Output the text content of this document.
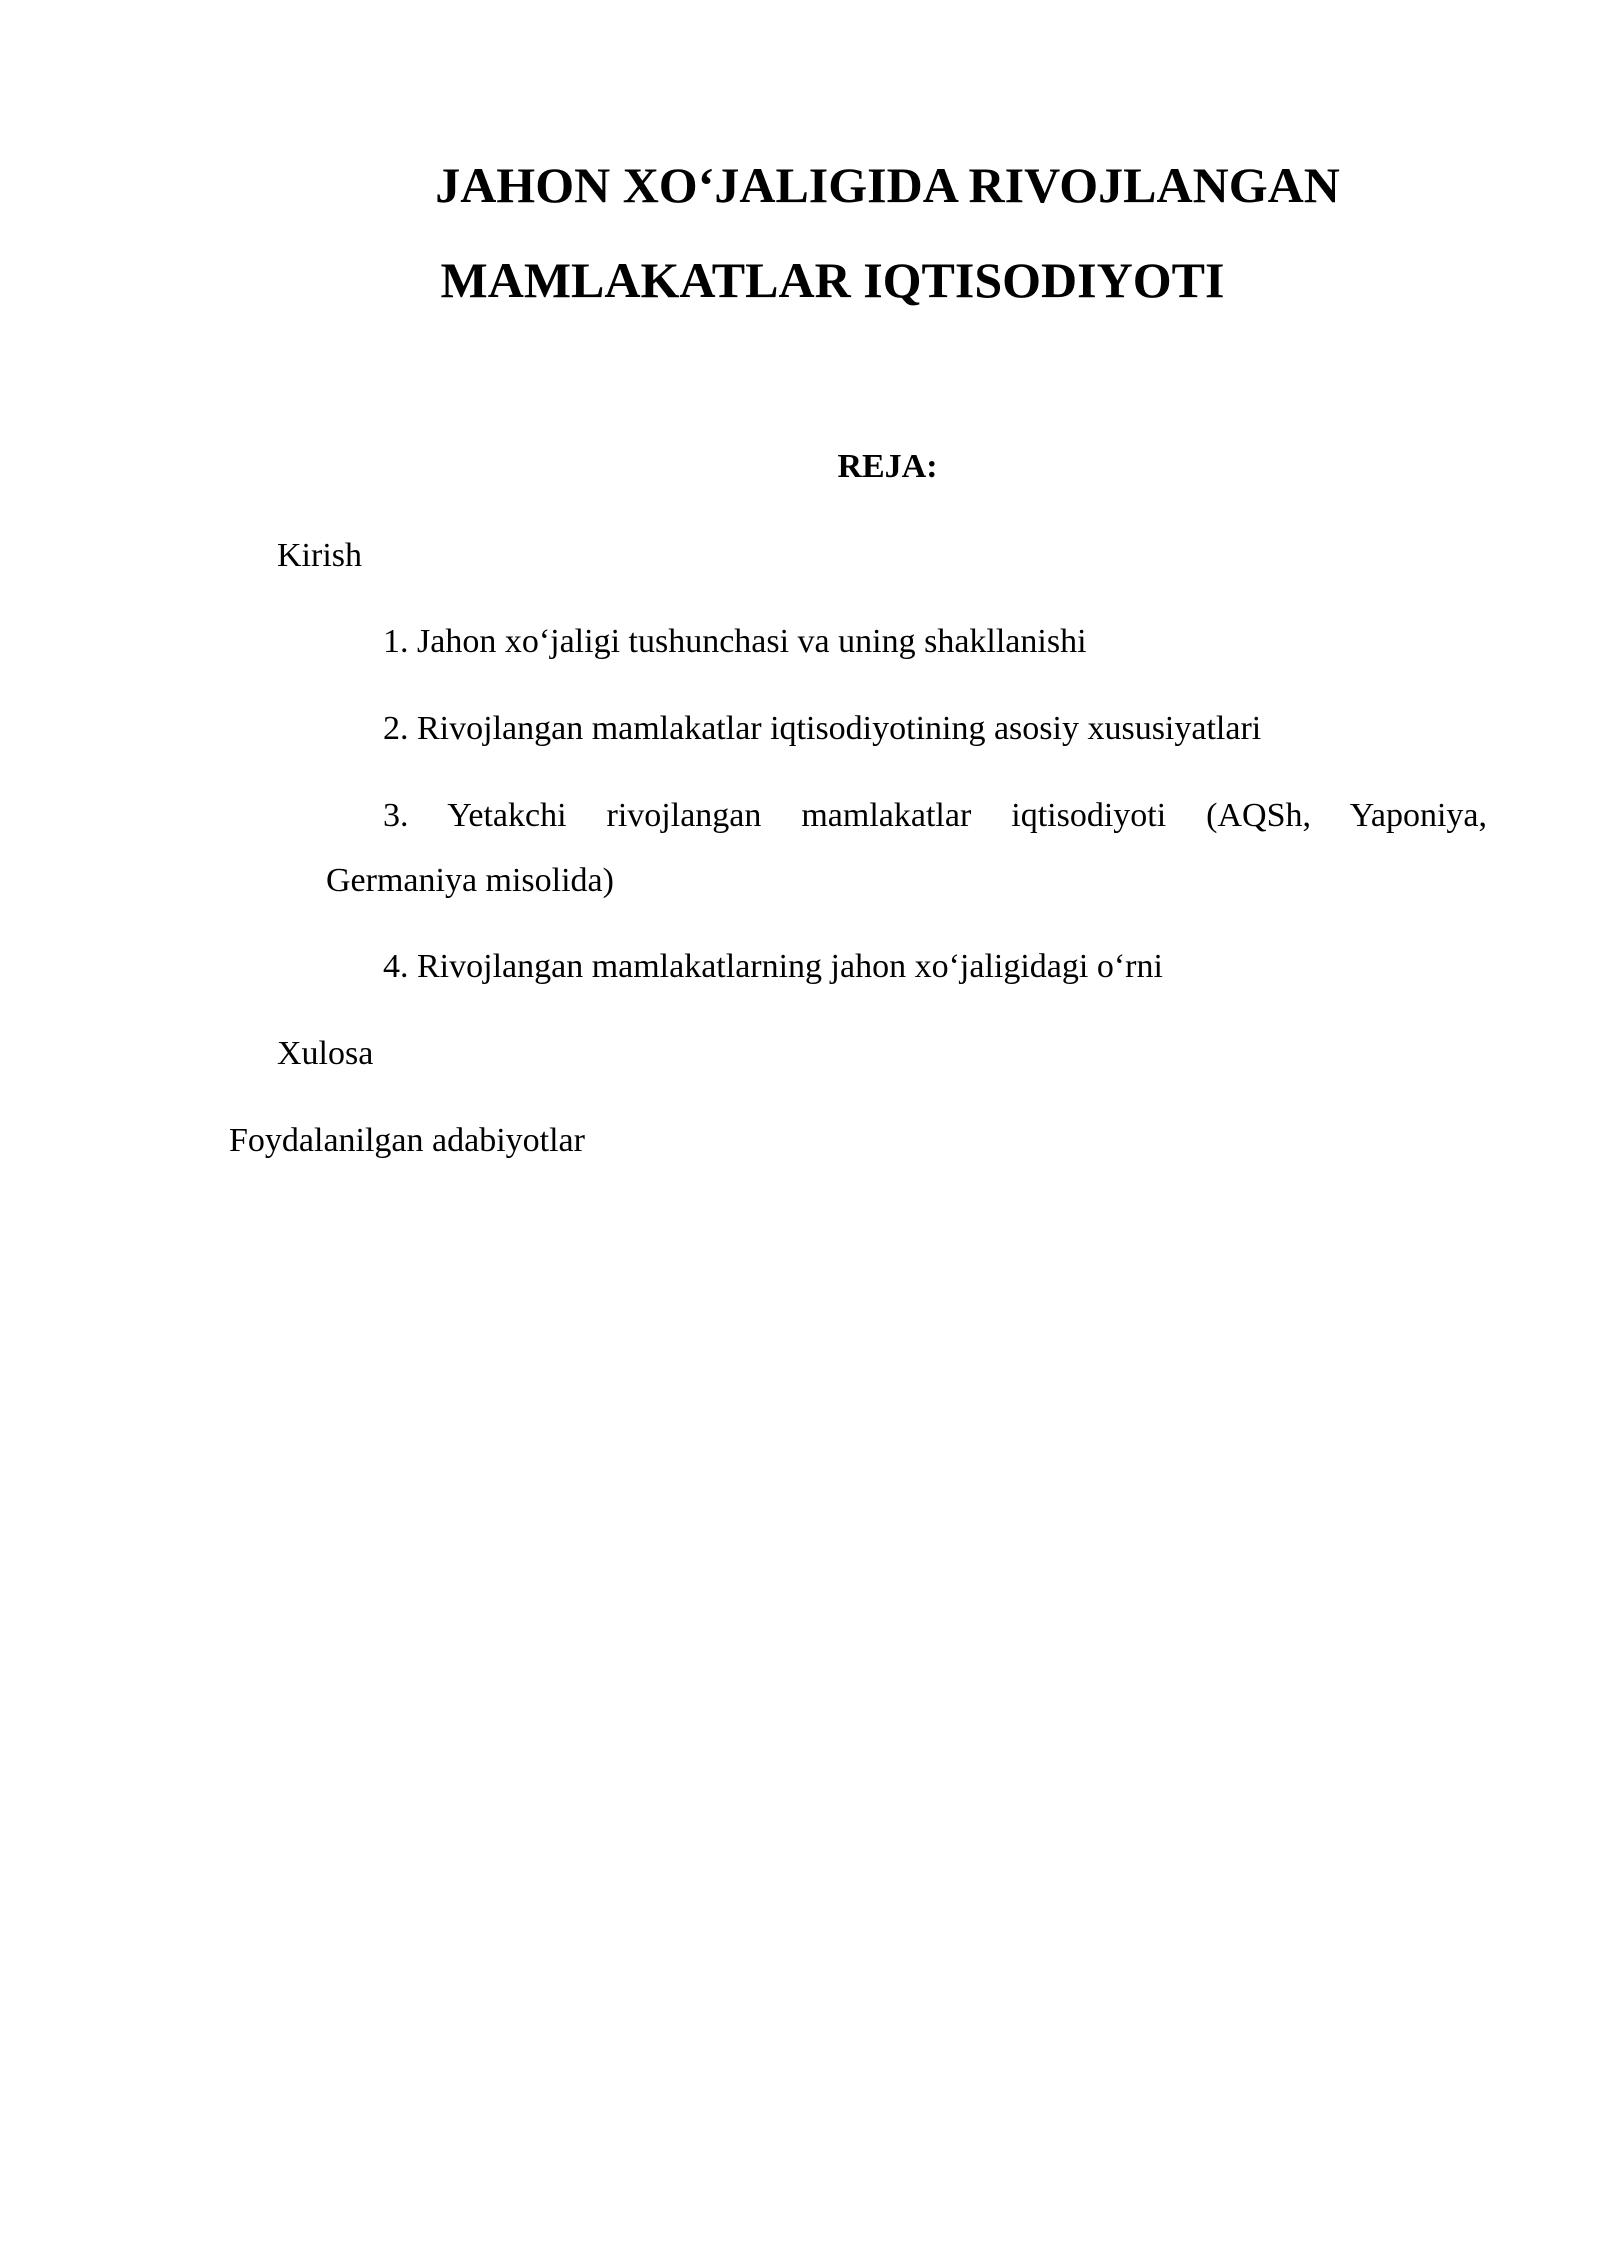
JAHON XO‘JALIGIDA RIVOJLANGAN
MAMLAKATLAR IQTISODIYOTI
REJA:
Kirish
1. Jahon xo‘jaligi tushunchasi va uning shakllanishi
2. Rivojlangan mamlakatlar iqtisodiyotining asosiy xususiyatlari
3. Yetakchi rivojlangan mamlakatlar iqtisodiyoti (AQSh, Yaponiya,
Germaniya misolida)
4. Rivojlangan mamlakatlarning jahon xo‘jaligidagi o‘rni
Xulosa
Foydalanilgan adabiyotlar
